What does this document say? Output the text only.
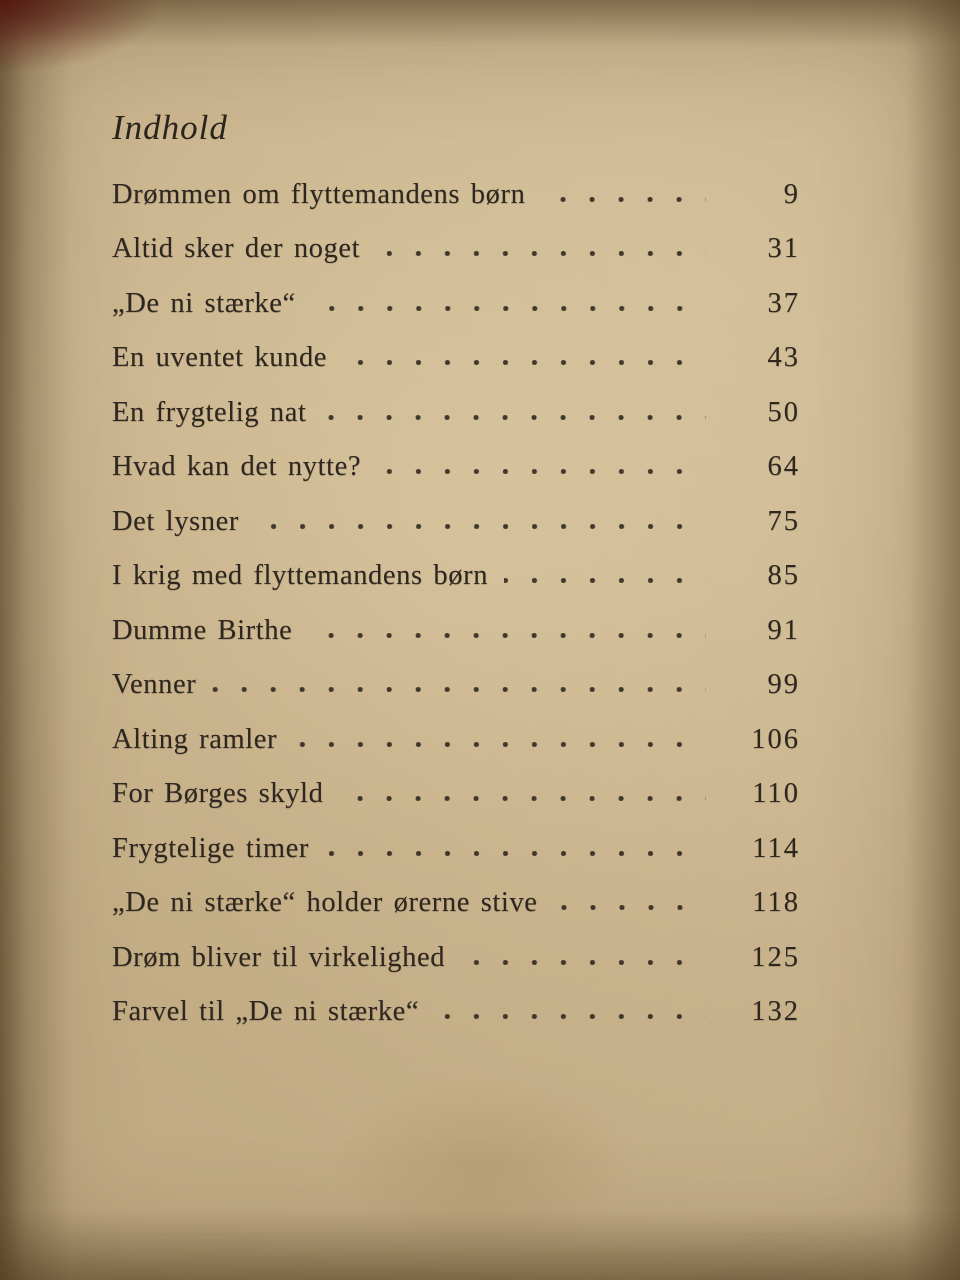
Indhold
Drømmen om flyttemandens børn	9
Altid sker der noget	31
„De ni stærke“	37
En uventet kunde	43
En frygtelig nat	50
Hvad kan det nytte?	64
Det lysner	75
I krig med flyttemandens børn	85
Dumme Birthe	91
Venner	99
Alting ramler	106
For Børges skyld	110
Frygtelige timer	114
„De ni stærke“ holder ørerne stive	118
Drøm bliver til virkelighed	125
Farvel til „De ni stærke“	132
